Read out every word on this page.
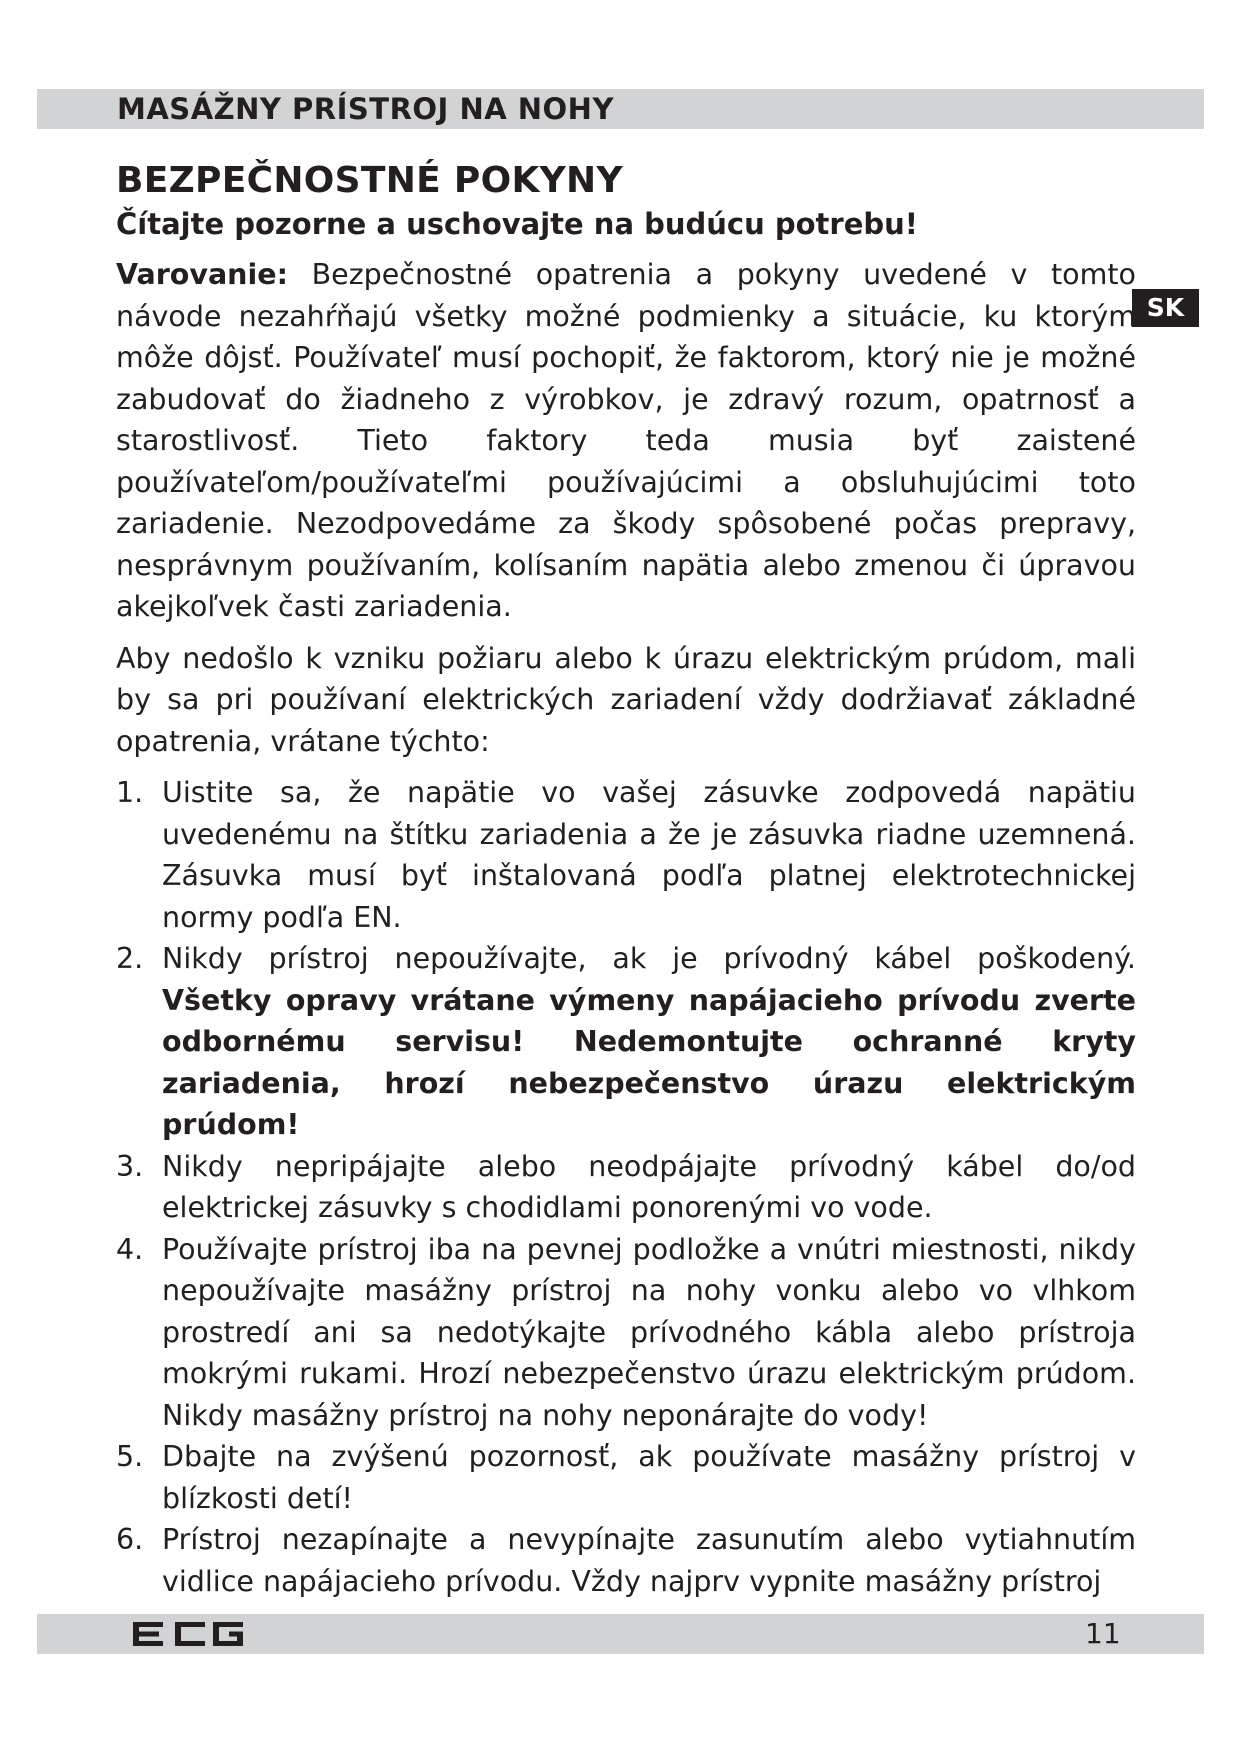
MASÁŽNY PRÍSTROJ NA NOHY
SK
BEZPEČNOSTNÉ POKYNY
Čítajte pozorne a uschovajte na budúcu potrebu!

Varovanie: Bezpečnostné opatrenia a pokyny uvedené v tomto návode nezahŕňajú všetky možné podmienky a situácie, ku ktorým môže dôjsť. Používateľ musí pochopiť, že faktorom, ktorý nie je možné zabudovať do žiadneho z výrobkov, je zdravý rozum, opatrnosť a starostlivosť. Tieto faktory teda musia byť zaistené používateľom/používateľmi používajúcimi a obsluhujúcimi toto zariadenie. Nezodpovedáme za škody spôsobené počas prepravy, nesprávnym používaním, kolísaním napätia alebo zmenou či úpravou akejkoľvek časti zariadenia.

Aby nedošlo k vzniku požiaru alebo k úrazu elektrickým prúdom, mali by sa pri používaní elektrických zariadení vždy dodržiavať základné opatrenia, vrátane týchto:

1. Uistite sa, že napätie vo vašej zásuvke zodpovedá napätiu uvedenému na štítku zariadenia a že je zásuvka riadne uzemnená. Zásuvka musí byť inštalovaná podľa platnej elektrotechnickej normy podľa EN.
2. Nikdy prístroj nepoužívajte, ak je prívodný kábel poškodený. Všetky opravy vrátane výmeny napájacieho prívodu zverte odbornému servisu! Nedemontujte ochranné kryty zariadenia, hrozí nebezpečenstvo úrazu elektrickým prúdom!
3. Nikdy nepripájajte alebo neodpájajte prívodný kábel do/od elektrickej zásuvky s chodidlami ponorenými vo vode.
4. Používajte prístroj iba na pevnej podložke a vnútri miestnosti, nikdy nepoužívajte masážny prístroj na nohy vonku alebo vo vlhkom prostredí ani sa nedotýkajte prívodného kábla alebo prístroja mokrými rukami. Hrozí nebezpečenstvo úrazu elektrickým prúdom. Nikdy masážny prístroj na nohy neponárajte do vody!
5. Dbajte na zvýšenú pozornosť, ak používate masážny prístroj v blízkosti detí!
6. Prístroj nezapínajte a nevypínajte zasunutím alebo vytiahnutím vidlice napájacieho prívodu. Vždy najprv vypnite masážny prístroj
11
